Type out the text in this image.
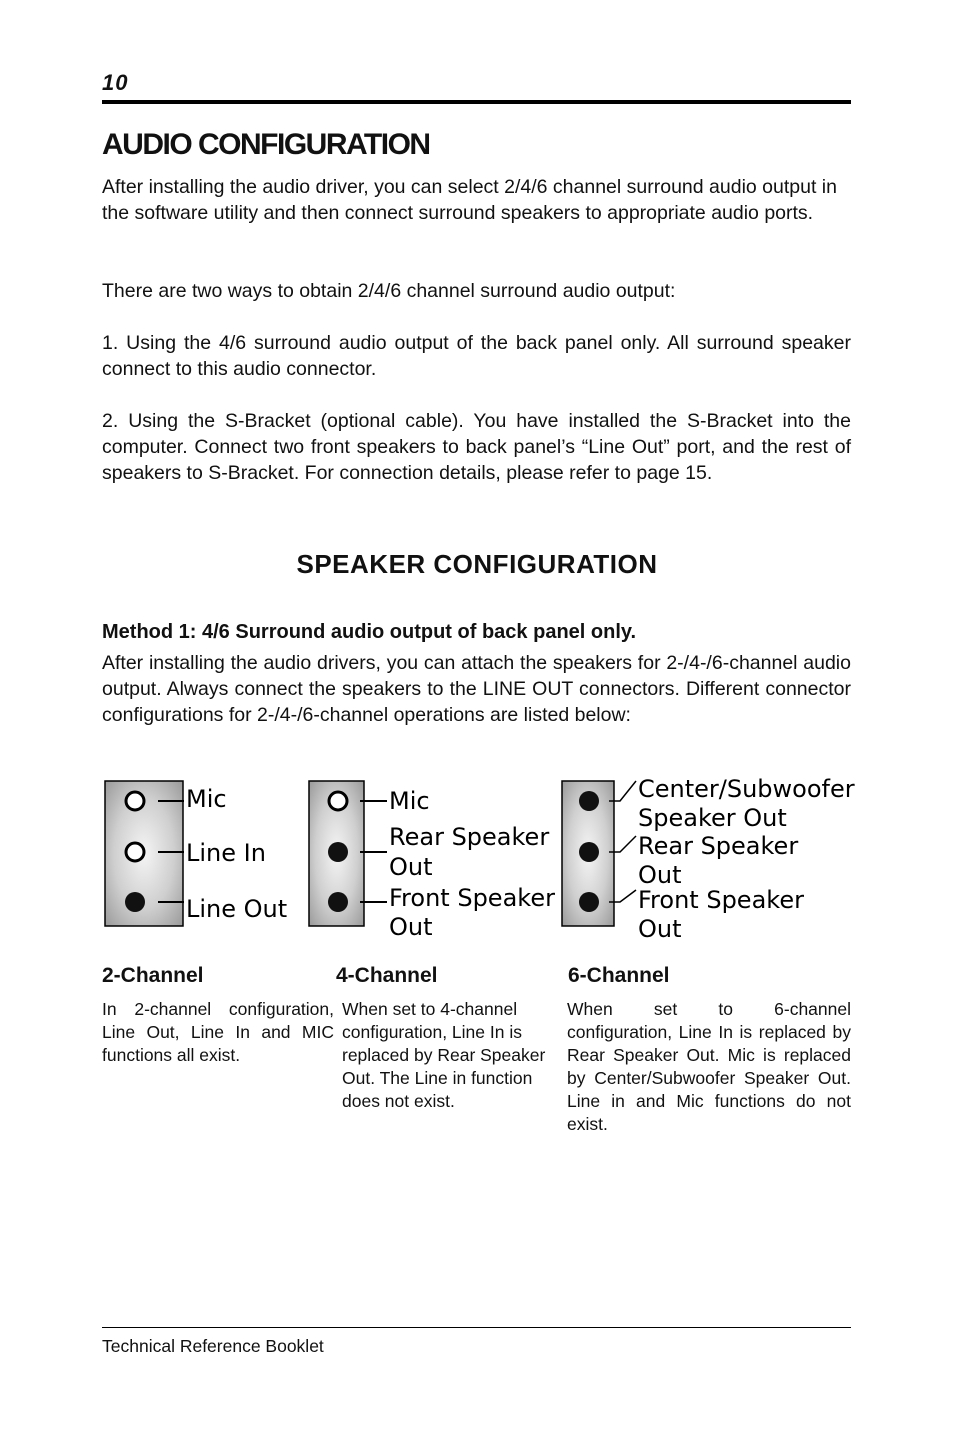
10
AUDIO CONFIGURATION
After installing the audio driver, you can select 2/4/6 channel surround audio output in the software utility and then connect surround speakers to appropriate audio ports.
There are two ways to obtain 2/4/6 channel surround audio output:
1. Using the 4/6 surround audio output of the back panel only. All surround speaker connect to this audio connector.
2. Using the S-Bracket (optional cable). You have installed the S-Bracket into the computer. Connect two front speakers to back panel’s “Line Out” port, and the rest of speakers to S-Bracket. For connection details, please refer to page 15.
SPEAKER CONFIGURATION
Method 1: 4/6 Surround audio output of back panel only.
After installing the audio drivers, you can attach the speakers for 2-/4-/6-channel audio output. Always connect the speakers to the LINE OUT connectors. Different connector configurations for 2-/4-/6-channel operations are listed below:
Mic
Line In
Line Out
Mic
Rear Speaker
Out
Front Speaker
Out
Center/Subwoofer
Speaker Out
Rear Speaker
Out
Front Speaker
Out
2-Channel	4-Channel	6-Channel
In 2-channel configuration, Line Out, Line In and MIC functions all exist.
When set to 4-channel configuration, Line In is replaced by Rear Speaker Out. The Line in function does not exist.
When set to 6-channel configuration, Line In is replaced by Rear Speaker Out. Mic is replaced by Center/Subwoofer Speaker Out. Line in and Mic functions do not exist.
Technical Reference Booklet
